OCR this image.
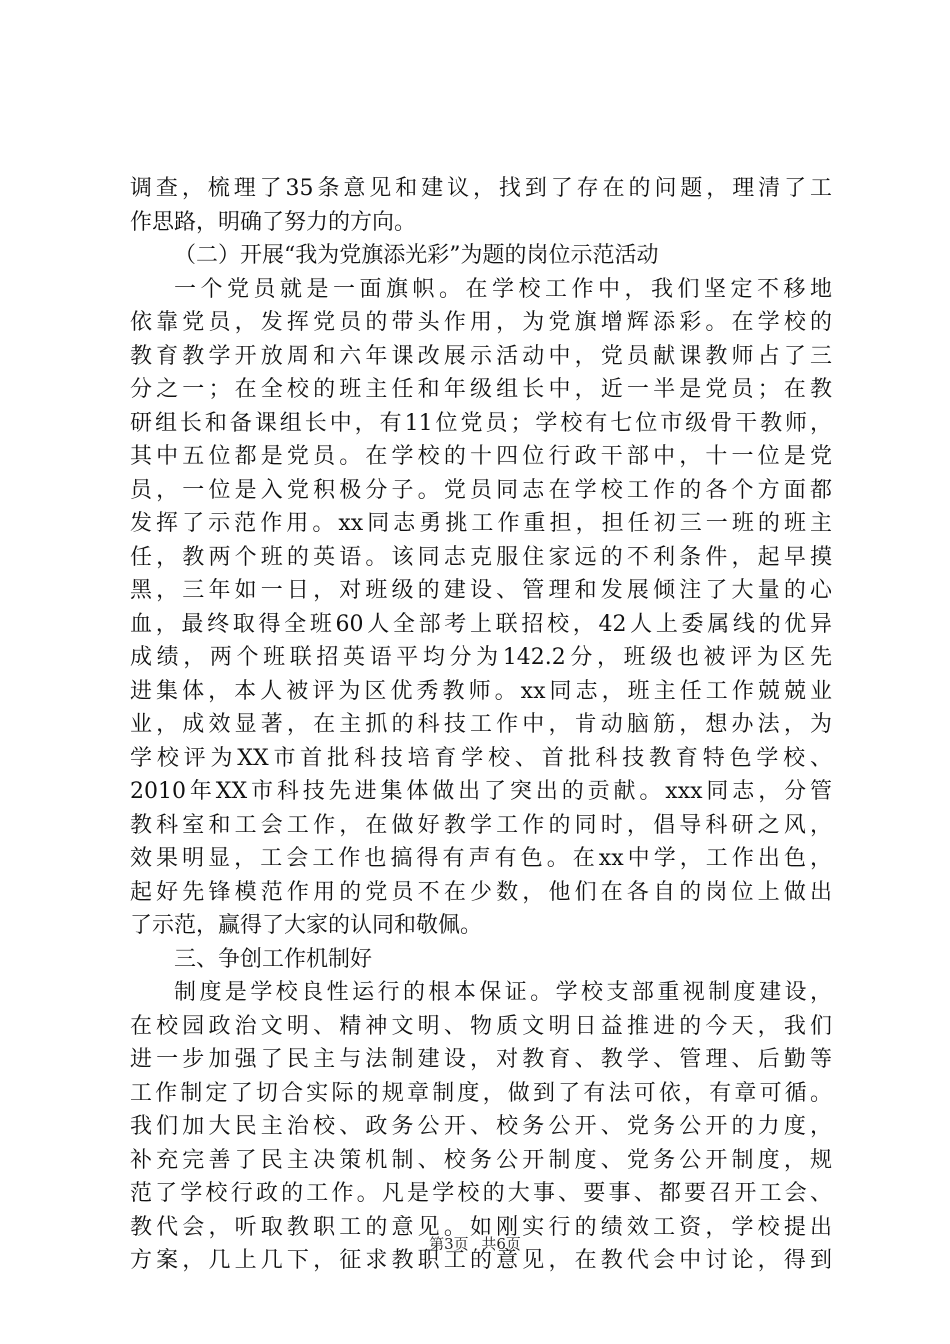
调查，梳理了35条意见和建议，找到了存在的问题，理清了工
作思路，明确了努力的方向。
（二）开展“我为党旗添光彩”为题的岗位示范活动
一个党员就是一面旗帜。在学校工作中，我们坚定不移地
依靠党员，发挥党员的带头作用，为党旗增辉添彩。在学校的
教育教学开放周和六年课改展示活动中，党员献课教师占了三
分之一；在全校的班主任和年级组长中，近一半是党员；在教
研组长和备课组长中，有11位党员；学校有七位市级骨干教师，
其中五位都是党员。在学校的十四位行政干部中，十一位是党
员，一位是入党积极分子。党员同志在学校工作的各个方面都
发挥了示范作用。xx同志勇挑工作重担，担任初三一班的班主
任，教两个班的英语。该同志克服住家远的不利条件，起早摸
黑，三年如一日，对班级的建设、管理和发展倾注了大量的心
血，最终取得全班60人全部考上联招校，42人上委属线的优异
成绩，两个班联招英语平均分为142.2分，班级也被评为区先
进集体，本人被评为区优秀教师。xx同志，班主任工作兢兢业
业，成效显著，在主抓的科技工作中，肯动脑筋，想办法，为
学校评为XX市首批科技培育学校、首批科技教育特色学校、
2010年XX市科技先进集体做出了突出的贡献。xxx同志，分管
教科室和工会工作，在做好教学工作的同时，倡导科研之风，
效果明显，工会工作也搞得有声有色。在xx中学，工作出色，
起好先锋模范作用的党员不在少数，他们在各自的岗位上做出
了示范，赢得了大家的认同和敬佩。
三、争创工作机制好
制度是学校良性运行的根本保证。学校支部重视制度建设，
在校园政治文明、精神文明、物质文明日益推进的今天，我们
进一步加强了民主与法制建设，对教育、教学、管理、后勤等
工作制定了切合实际的规章制度，做到了有法可依，有章可循。
我们加大民主治校、政务公开、校务公开、党务公开的力度，
补充完善了民主决策机制、校务公开制度、党务公开制度，规
范了学校行政的工作。凡是学校的大事、要事、都要召开工会、
教代会，听取教职工的意见。如刚实行的绩效工资，学校提出
方案，几上几下，征求教职工的意见，在教代会中讨论，得到
第3页 共6页
